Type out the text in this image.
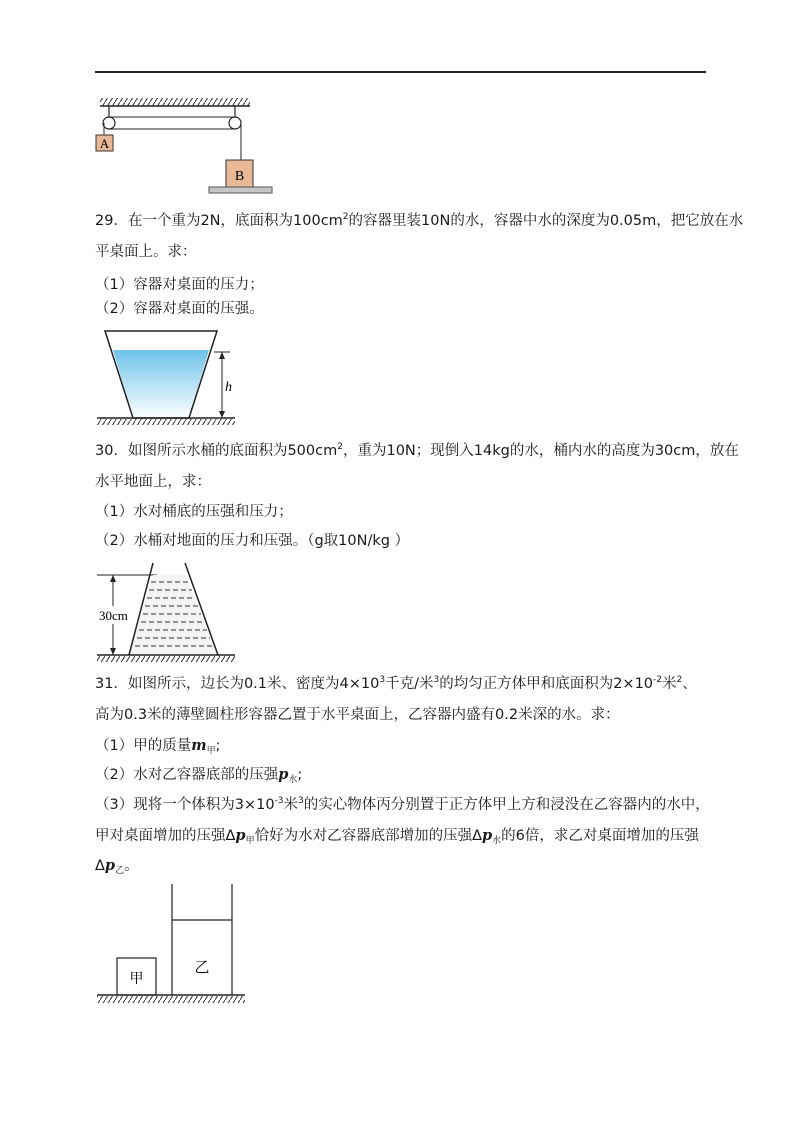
A
B
29．在一个重为2N，底面积为$100cm^2$的容器里装10N的水，容器中水的深度为0.05m，把它放在水
平桌面上。求：
（1）容器对桌面的压力；
（2）容器对桌面的压强。
h
30．如图所示水桶的底面积为$500cm^2$，重为10N；现倒入14kg的水，桶内水的高度为30cm，放在
水平地面上，求：
（1）水对桶底的压强和压力；
（2）水桶对地面的压力和压强。（g取10N/kg ）
30cm
31．如图所示，边长为0.1米、密度为$4\times 10^3$千克/米$^3$的均匀正方体甲和底面积为$2\times 10^{-2}$米$^2$、
高为0.3米的薄壁圆柱形容器乙置于水平桌面上，乙容器内盛有0.2米深的水。求：
（1）甲的质量$m_甲$;
（2）水对乙容器底部的压强$p_水$;
（3）现将一个体积为$3\times 10^{-3}$米$^3$的实心物体丙分别置于正方体甲上方和浸没在乙容器内的水中，
甲对桌面增加的压强$\Delta p_甲$恰好为水对乙容器底部增加的压强$\Delta p_水$的6倍，求乙对桌面增加的压强
$\Delta p_乙$。
甲
乙
